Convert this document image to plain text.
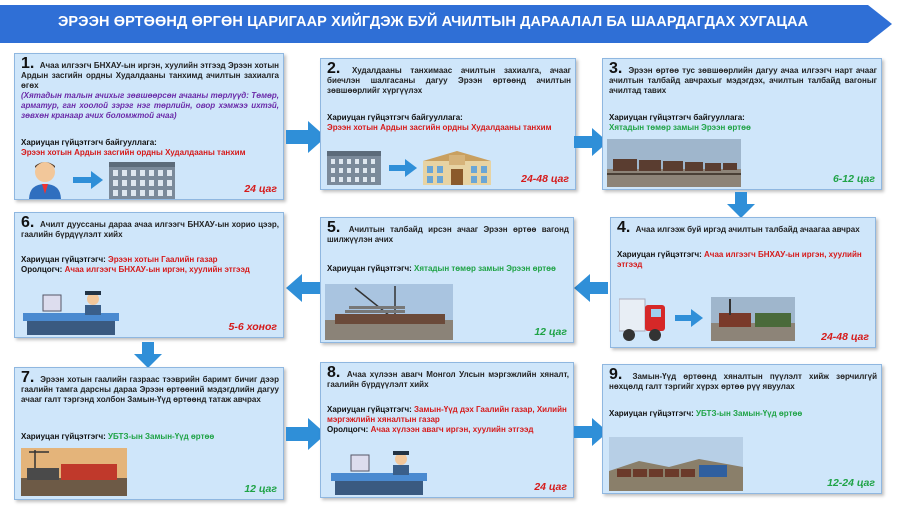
ЭРЭЭН ӨРТӨӨНД ӨРГӨН ЦАРИГААР ХИЙГДЭЖ БУЙ АЧИЛТЫН ДАРААЛАЛ БА ШААРДАГДАХ ХУГАЦАА
1. Ачаа илгээгч БНХАУ-ын иргэн, хуулийн этгээд Эрээн хотын Ардын засгийн ордны Худалдааны танхимд ачилтын захиалга өгөх
(Хятадын талын ачихыг зөвшөөрсөн ачааны төрлүүд: Төмөр, арматур, ган хоолой зэрэг нэг төрлийн, овор хэмжээ ихтэй, зөвхөн кранаар ачих боломжтой ачаа)
Хариуцан гүйцэтгэгч байгууллага:
Эрээн хотын Ардын засгийн ордны Худалдааны танхим
24 цаг
2. Худалдааны танхимаас ачилтын захиалга, ачааг биечлэн шалгасаны дагуу Эрээн өртөөнд ачилтын зөвшөөрлийг хүргүүлэх
Хариуцан гүйцэтгэгч байгууллага:
Эрээн хотын Ардын засгийн ордны Худалдааны танхим
24-48 цаг
3. Эрээн өртөө тус зөвшөөрлийн дагуу ачаа илгээгч нарт ачааг ачилтын талбайд авчрахыг мэдэгдэх, ачилтын талбайд вагоныг ачилтад тавих
Хариуцан гүйцэтгэгч байгууллага:
Хятадын төмөр замын Эрээн өртөө
6-12 цаг
4. Ачаа илгээж буй иргэд ачилтын талбайд ачаагаа авчрах
Хариуцан гүйцэтгэгч: Ачаа илгээгч БНХАУ-ын иргэн, хуулийн этгээд
24-48 цаг
5. Ачилтын талбайд ирсэн ачааг Эрээн өртөө вагонд шилжүүлэн ачих
Хариуцан гүйцэтгэгч: Хятадын төмөр замын Эрээн өртөө
12 цаг
6. Ачилт дууссаны дараа ачаа илгээгч БНХАУ-ын хорио цээр, гаалийн бүрдүүлэлт хийх
Хариуцан гүйцэтгэгч: Эрээн хотын Гаалийн газар
Оролцогч: Ачаа илгээгч БНХАУ-ын иргэн, хуулийн этгээд
5-6 хоног
7. Эрээн хотын гаалийн газраас тээврийн баримт бичиг дээр гаалийн тамга дарсны дараа Эрээн өртөөний мэдэгдлийн дагуу ачааг галт тэргэнд холбон Замын-Үүд өртөөнд татаж авчрах
Хариуцан гүйцэтгэгч: УБТЗ-ын Замын-Үүд өртөө
12 цаг
8. Ачаа хүлээн авагч Монгол Улсын мэргэжлийн хяналт, гаалийн бүрдүүлэлт хийх
Хариуцан гүйцэтгэгч: Замын-Үүд дэх Гаалийн газар, Хилийн мэргэжлийн хяналтын газар
Оролцогч: Ачаа хүлээн авагч иргэн, хуулийн этгээд
24 цаг
9. Замын-Үүд өртөөнд хяналтын пүүлэлт хийж зөрчилгүй нөхцөлд галт тэргийг хүрэх өртөө рүү явуулах
Хариуцан гүйцэтгэгч: УБТЗ-ын Замын-Үүд өртөө
12-24 цаг
